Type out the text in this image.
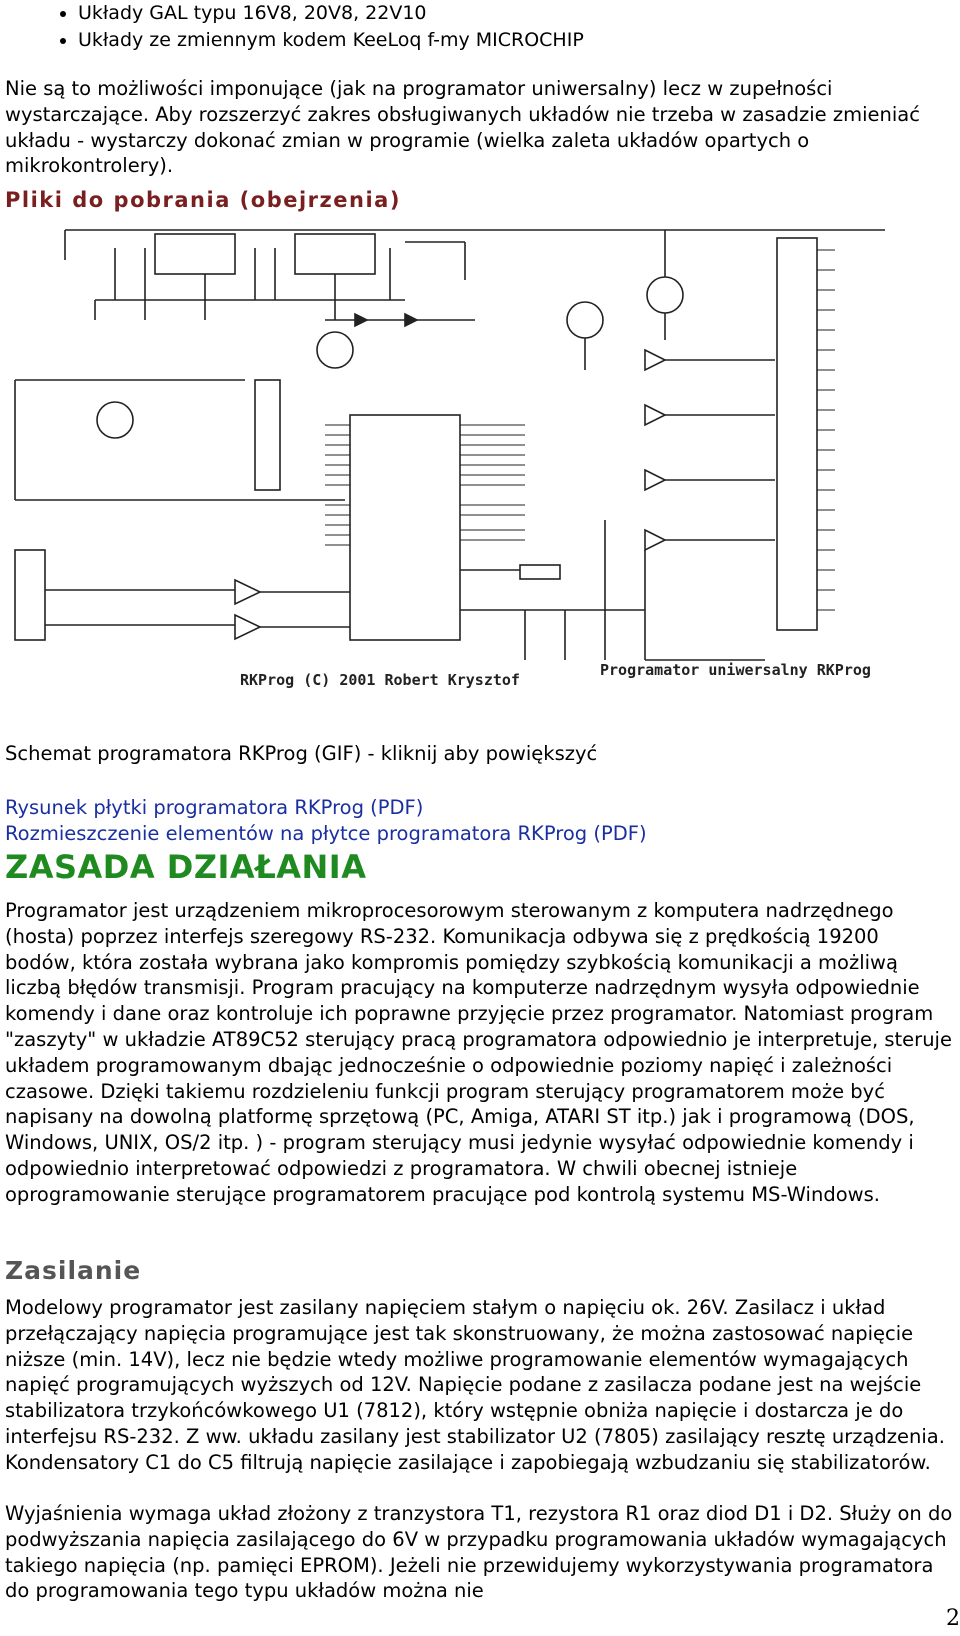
• Układy GAL typu 16V8, 20V8, 22V10
• Układy ze zmiennym kodem KeeLoq f-my MICROCHIP

Nie są to możliwości imponujące (jak na programator uniwersalny) lecz w zupełności wystarczające. Aby rozszerzyć zakres obsługiwanych układów nie trzeba w zasadzie zmieniać układu - wystarczy dokonać zmian w programie (wielka zaleta układów opartych o mikrokontrolery).

Pliki do pobrania (obejrzenia)
RKProg (C) 2001 Robert Krysztof
Programator uniwersalny RKProg

Schemat programatora RKProg (GIF) - kliknij aby powiększyć

Rysunek płytki programatora RKProg (PDF)
Rozmieszczenie elementów na płytce programatora RKProg (PDF)
ZASADA DZIAŁANIA

Programator jest urządzeniem mikroprocesorowym sterowanym z komputera nadrzędnego (hosta) poprzez interfejs szeregowy RS-232. Komunikacja odbywa się z prędkością 19200 bodów, która została wybrana jako kompromis pomiędzy szybkością komunikacji a możliwą liczbą błędów transmisji. Program pracujący na komputerze nadrzędnym wysyła odpowiednie komendy i dane oraz kontroluje ich poprawne przyjęcie przez programator. Natomiast program "zaszyty" w układzie AT89C52 sterujący pracą programatora odpowiednio je interpretuje, steruje układem programowanym dbając jednocześnie o odpowiednie poziomy napięć i zależności czasowe. Dzięki takiemu rozdzieleniu funkcji program sterujący programatorem może być napisany na dowolną platformę sprzętową (PC, Amiga, ATARI ST itp.) jak i programową (DOS, Windows, UNIX, OS/2 itp. ) - program sterujący musi jedynie wysyłać odpowiednie komendy i odpowiednio interpretować odpowiedzi z programatora. W chwili obecnej istnieje oprogramowanie sterujące programatorem pracujące pod kontrolą systemu MS-Windows.

Zasilanie

Modelowy programator jest zasilany napięciem stałym o napięciu ok. 26V. Zasilacz i układ przełączający napięcia programujące jest tak skonstruowany, że można zastosować napięcie niższe (min. 14V), lecz nie będzie wtedy możliwe programowanie elementów wymagających napięć programujących wyższych od 12V. Napięcie podane z zasilacza podane jest na wejście stabilizatora trzykońcówkowego U1 (7812), który wstępnie obniża napięcie i dostarcza je do interfejsu RS-232. Z ww. układu zasilany jest stabilizator U2 (7805) zasilający resztę urządzenia. Kondensatory C1 do C5 filtrują napięcie zasilające i zapobiegają wzbudzaniu się stabilizatorów.

Wyjaśnienia wymaga układ złożony z tranzystora T1, rezystora R1 oraz diod D1 i D2. Służy on do podwyższania napięcia zasilającego do 6V w przypadku programowania układów wymagających takiego napięcia (np. pamięci EPROM). Jeżeli nie przewidujemy wykorzystywania programatora do programowania tego typu układów można nie

2
